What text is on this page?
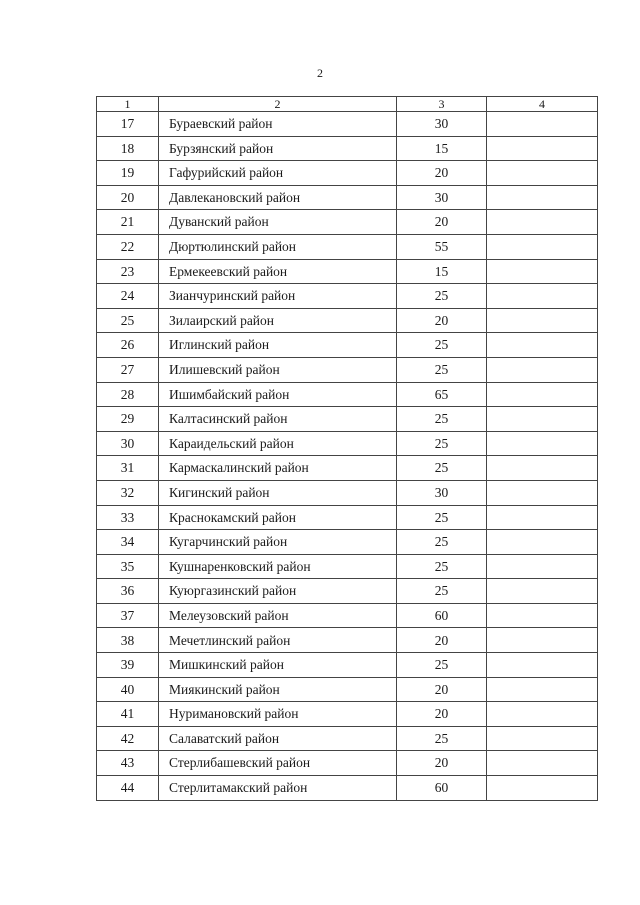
2
1	2	3	4
17	Бураевский район	30	
18	Бурзянский район	15	
19	Гафурийский район	20	
20	Давлекановский район	30	
21	Дуванский район	20	
22	Дюртюлинский район	55	
23	Ермекеевский район	15	
24	Зианчуринский район	25	
25	Зилаирский район	20	
26	Иглинский район	25	
27	Илишевский район	25	
28	Ишимбайский район	65	
29	Калтасинский район	25	
30	Караидельский район	25	
31	Кармаскалинский район	25	
32	Кигинский район	30	
33	Краснокамский район	25	
34	Кугарчинский район	25	
35	Кушнаренковский район	25	
36	Куюргазинский район	25	
37	Мелеузовский район	60	
38	Мечетлинский район	20	
39	Мишкинский район	25	
40	Миякинский район	20	
41	Нуримановский район	20	
42	Салаватский район	25	
43	Стерлибашевский район	20	
44	Стерлитамакский район	60	
